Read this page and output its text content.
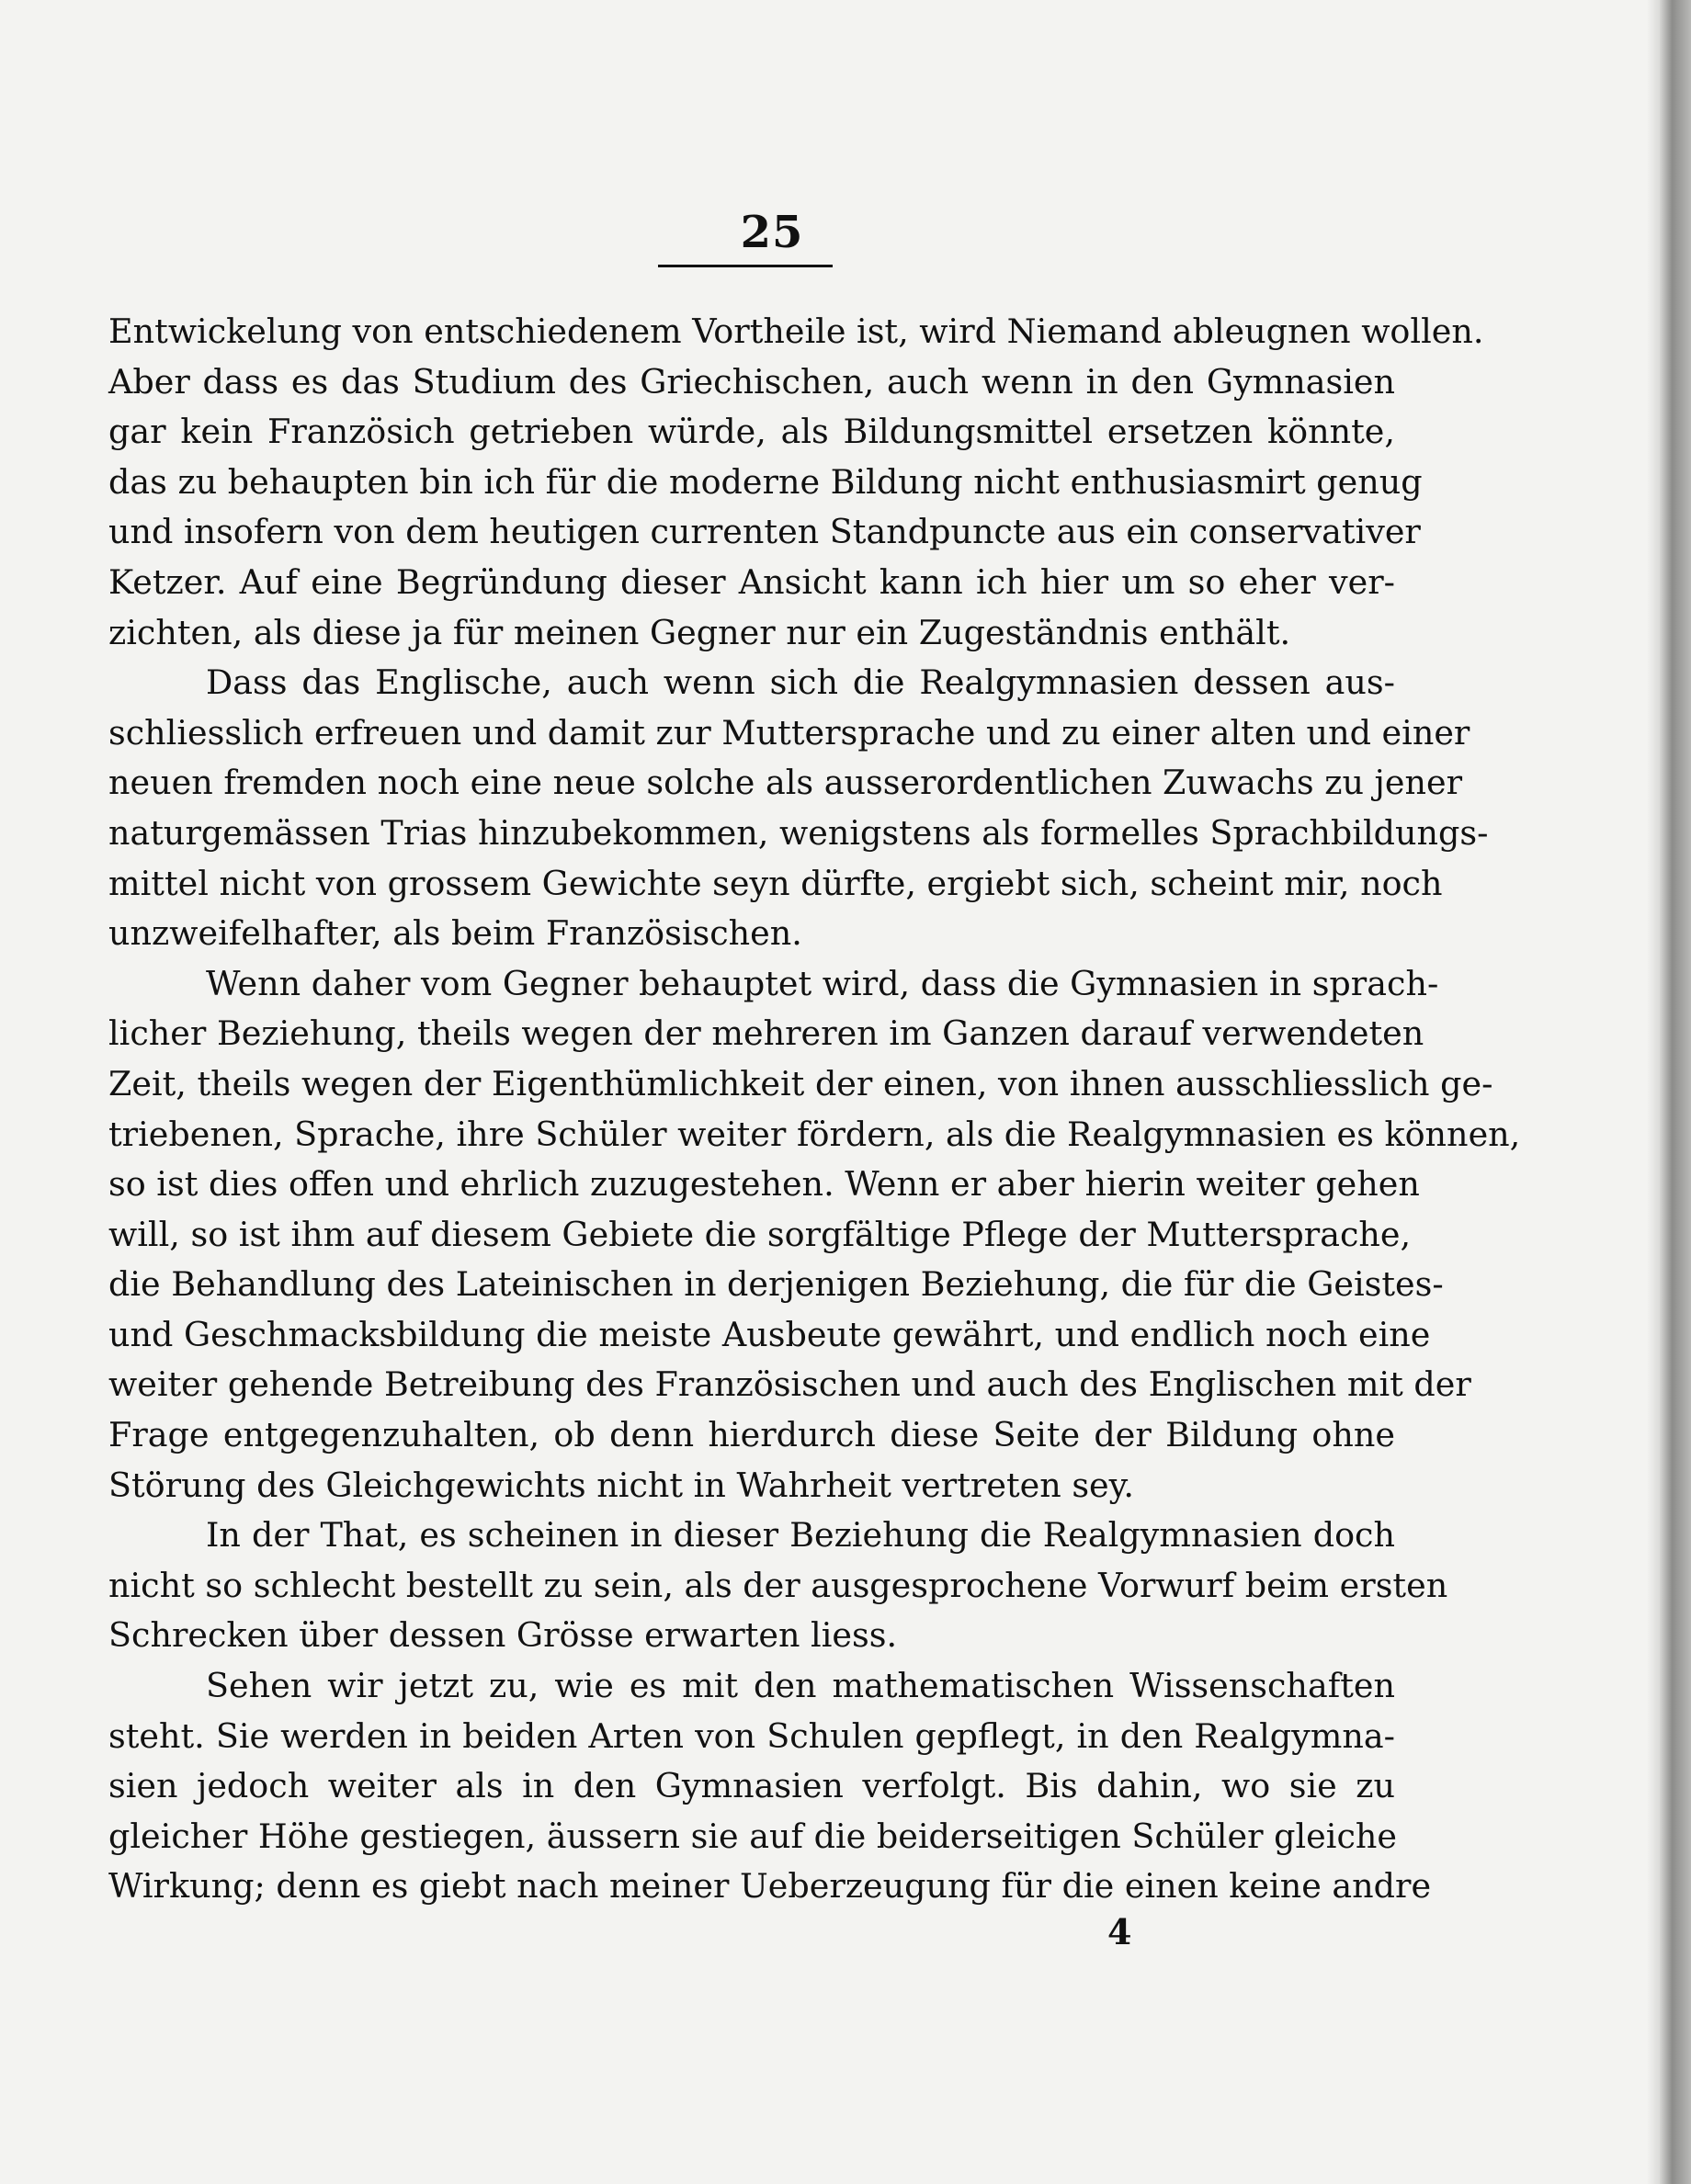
25
Entwickelung von entschiedenem Vortheile ist, wird Niemand ableugnen wollen.
Aber dass es das Studium des Griechischen, auch wenn in den Gymnasien
gar kein Französich getrieben würde, als Bildungsmittel ersetzen könnte,
das zu behaupten bin ich für die moderne Bildung nicht enthusiasmirt genug
und insofern von dem heutigen currenten Standpuncte aus ein conservativer
Ketzer. Auf eine Begründung dieser Ansicht kann ich hier um so eher ver-
zichten, als diese ja für meinen Gegner nur ein Zugeständnis enthält.
Dass das Englische, auch wenn sich die Realgymnasien dessen aus-
schliesslich erfreuen und damit zur Muttersprache und zu einer alten und einer
neuen fremden noch eine neue solche als ausserordentlichen Zuwachs zu jener
naturgemässen Trias hinzubekommen, wenigstens als formelles Sprachbildungs-
mittel nicht von grossem Gewichte seyn dürfte, ergiebt sich, scheint mir, noch
unzweifelhafter, als beim Französischen.
Wenn daher vom Gegner behauptet wird, dass die Gymnasien in sprach-
licher Beziehung, theils wegen der mehreren im Ganzen darauf verwendeten
Zeit, theils wegen der Eigenthümlichkeit der einen, von ihnen ausschliesslich ge-
triebenen, Sprache, ihre Schüler weiter fördern, als die Realgymnasien es können,
so ist dies offen und ehrlich zuzugestehen. Wenn er aber hierin weiter gehen
will, so ist ihm auf diesem Gebiete die sorgfältige Pflege der Muttersprache,
die Behandlung des Lateinischen in derjenigen Beziehung, die für die Geistes-
und Geschmacksbildung die meiste Ausbeute gewährt, und endlich noch eine
weiter gehende Betreibung des Französischen und auch des Englischen mit der
Frage entgegenzuhalten, ob denn hierdurch diese Seite der Bildung ohne
Störung des Gleichgewichts nicht in Wahrheit vertreten sey.
In der That, es scheinen in dieser Beziehung die Realgymnasien doch
nicht so schlecht bestellt zu sein, als der ausgesprochene Vorwurf beim ersten
Schrecken über dessen Grösse erwarten liess.
Sehen wir jetzt zu, wie es mit den mathematischen Wissenschaften
steht. Sie werden in beiden Arten von Schulen gepflegt, in den Realgymna-
sien jedoch weiter als in den Gymnasien verfolgt. Bis dahin, wo sie zu
gleicher Höhe gestiegen, äussern sie auf die beiderseitigen Schüler gleiche
Wirkung; denn es giebt nach meiner Ueberzeugung für die einen keine andre
4
